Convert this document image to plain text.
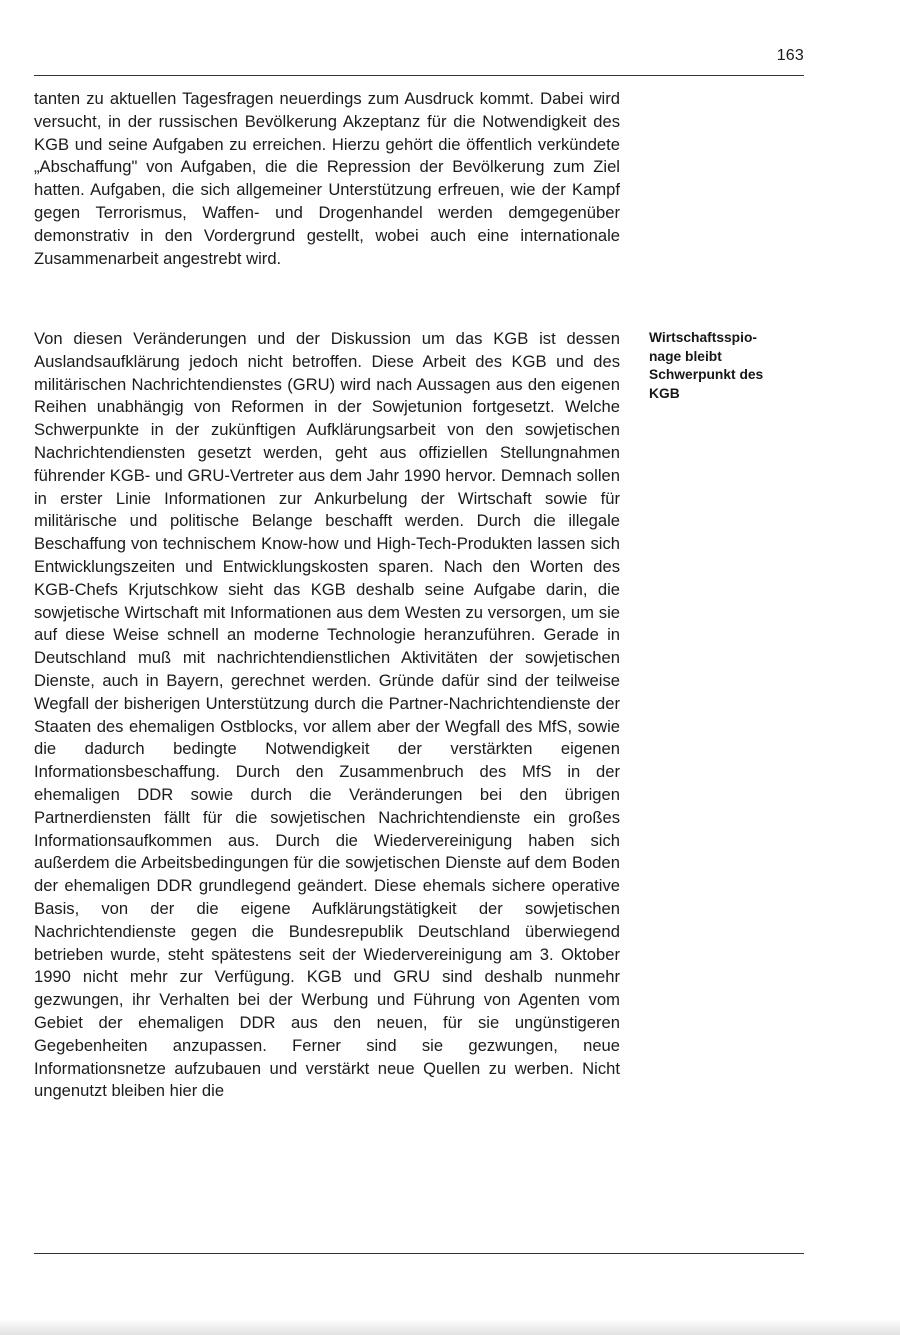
163

tanten zu aktuellen Tagesfragen neuerdings zum Ausdruck kommt. Dabei wird versucht, in der russischen Bevölkerung Akzeptanz für die Notwendigkeit des KGB und seine Aufgaben zu erreichen. Hierzu gehört die öffentlich verkündete „Abschaffung" von Aufgaben, die die Repression der Bevölkerung zum Ziel hatten. Aufgaben, die sich allgemeiner Unterstützung erfreuen, wie der Kampf gegen Terrorismus, Waffen- und Drogenhandel werden demgegenüber demonstrativ in den Vordergrund gestellt, wobei auch eine internationale Zusammenarbeit angestrebt wird.

Von diesen Veränderungen und der Diskussion um das KGB ist dessen Auslandsaufklärung jedoch nicht betroffen. Diese Arbeit des KGB und des militärischen Nachrichtendienstes (GRU) wird nach Aussagen aus den eigenen Reihen unabhängig von Reformen in der Sowjetunion fortgesetzt. Welche Schwerpunkte in der zukünftigen Aufklärungsarbeit von den sowjetischen Nachrichtendiensten gesetzt werden, geht aus offiziellen Stellungnahmen führender KGB- und GRU-Vertreter aus dem Jahr 1990 hervor. Demnach sollen in erster Linie Informationen zur Ankurbelung der Wirtschaft sowie für militärische und politische Belange beschafft werden. Durch die illegale Beschaffung von technischem Know-how und High-Tech-Produkten lassen sich Entwicklungszeiten und Entwicklungskosten sparen. Nach den Worten des KGB-Chefs Krjutschkow sieht das KGB deshalb seine Aufgabe darin, die sowjetische Wirtschaft mit Informationen aus dem Westen zu versorgen, um sie auf diese Weise schnell an moderne Technologie heranzuführen. Gerade in Deutschland muß mit nachrichtendienstlichen Aktivitäten der sowjetischen Dienste, auch in Bayern, gerechnet werden. Gründe dafür sind der teilweise Wegfall der bisherigen Unterstützung durch die Partner-Nachrichtendienste der Staaten des ehemaligen Ostblocks, vor allem aber der Wegfall des MfS, sowie die dadurch bedingte Notwendigkeit der verstärkten eigenen Informationsbeschaffung. Durch den Zusammenbruch des MfS in der ehemaligen DDR sowie durch die Veränderungen bei den übrigen Partnerdiensten fällt für die sowjetischen Nachrichtendienste ein großes Informationsaufkommen aus. Durch die Wiedervereinigung haben sich außerdem die Arbeitsbedingungen für die sowjetischen Dienste auf dem Boden der ehemaligen DDR grundlegend geändert. Diese ehemals sichere operative Basis, von der die eigene Aufklärungstätigkeit der sowjetischen Nachrichtendienste gegen die Bundesrepublik Deutschland überwiegend betrieben wurde, steht spätestens seit der Wiedervereinigung am 3. Oktober 1990 nicht mehr zur Verfügung. KGB und GRU sind deshalb nunmehr gezwungen, ihr Verhalten bei der Werbung und Führung von Agenten vom Gebiet der ehemaligen DDR aus den neuen, für sie ungünstigeren Gegebenheiten anzupassen. Ferner sind sie gezwungen, neue Informationsnetze aufzubauen und verstärkt neue Quellen zu werben. Nicht ungenutzt bleiben hier die

Wirtschaftsspio-
nage bleibt
Schwerpunkt des
KGB
